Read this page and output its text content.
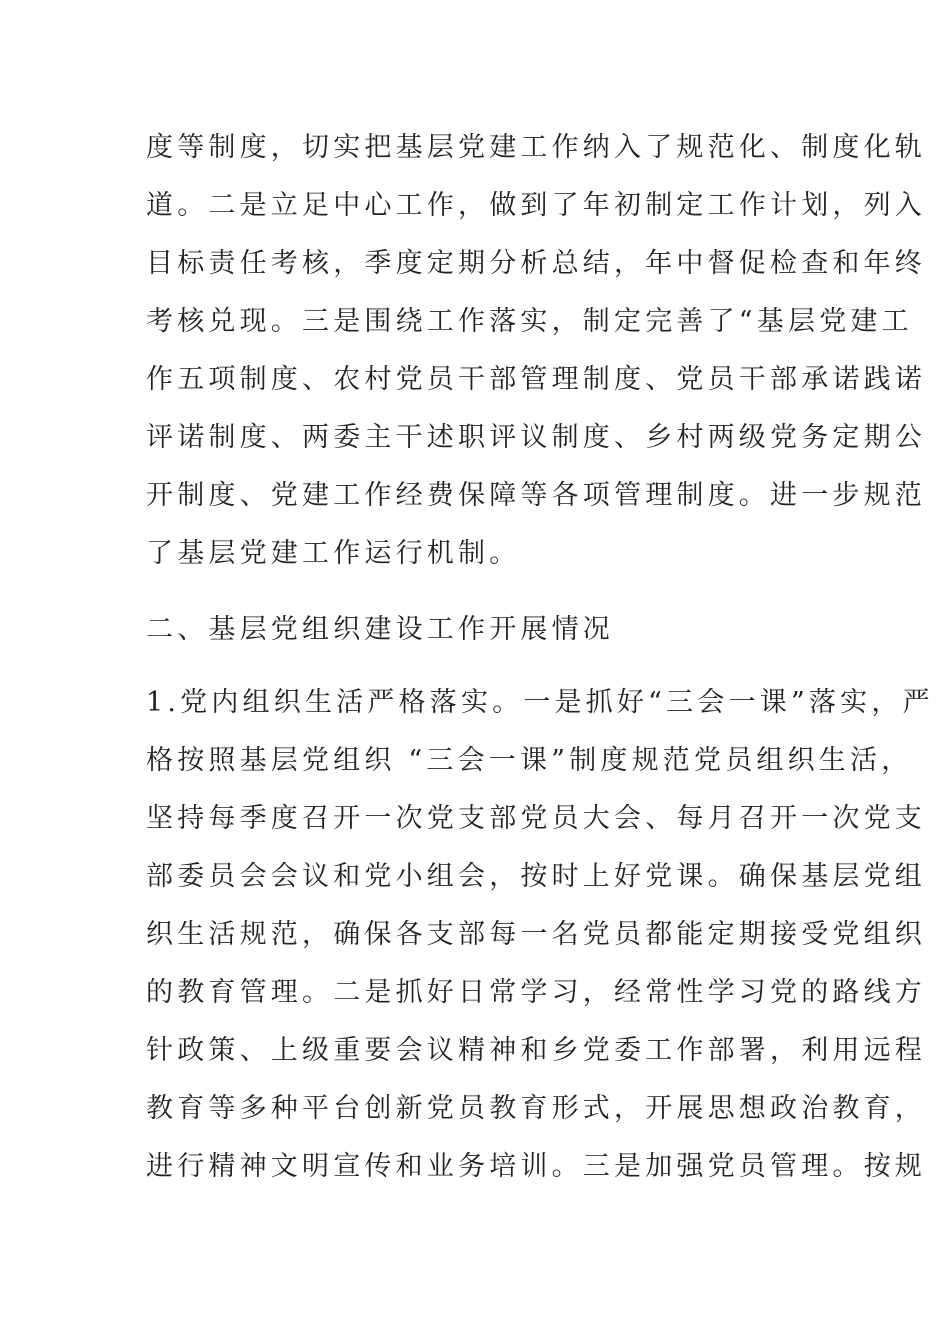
度等制度，切实把基层党建工作纳入了规范化、制度化轨
道。二是立足中心工作，做到了年初制定工作计划，列入
目标责任考核，季度定期分析总结，年中督促检查和年终
考核兑现。三是围绕工作落实，制定完善了“基层党建工
作五项制度、农村党员干部管理制度、党员干部承诺践诺
评诺制度、两委主干述职评议制度、乡村两级党务定期公
开制度、党建工作经费保障等各项管理制度。进一步规范
了基层党建工作运行机制。
二、基层党组织建设工作开展情况
1.党内组织生活严格落实。一是抓好“三会一课”落实，严
格按照基层党组织 “三会一课”制度规范党员组织生活，
坚持每季度召开一次党支部党员大会、每月召开一次党支
部委员会会议和党小组会，按时上好党课。确保基层党组
织生活规范，确保各支部每一名党员都能定期接受党组织
的教育管理。二是抓好日常学习，经常性学习党的路线方
针政策、上级重要会议精神和乡党委工作部署，利用远程
教育等多种平台创新党员教育形式，开展思想政治教育，
进行精神文明宣传和业务培训。三是加强党员管理。按规
